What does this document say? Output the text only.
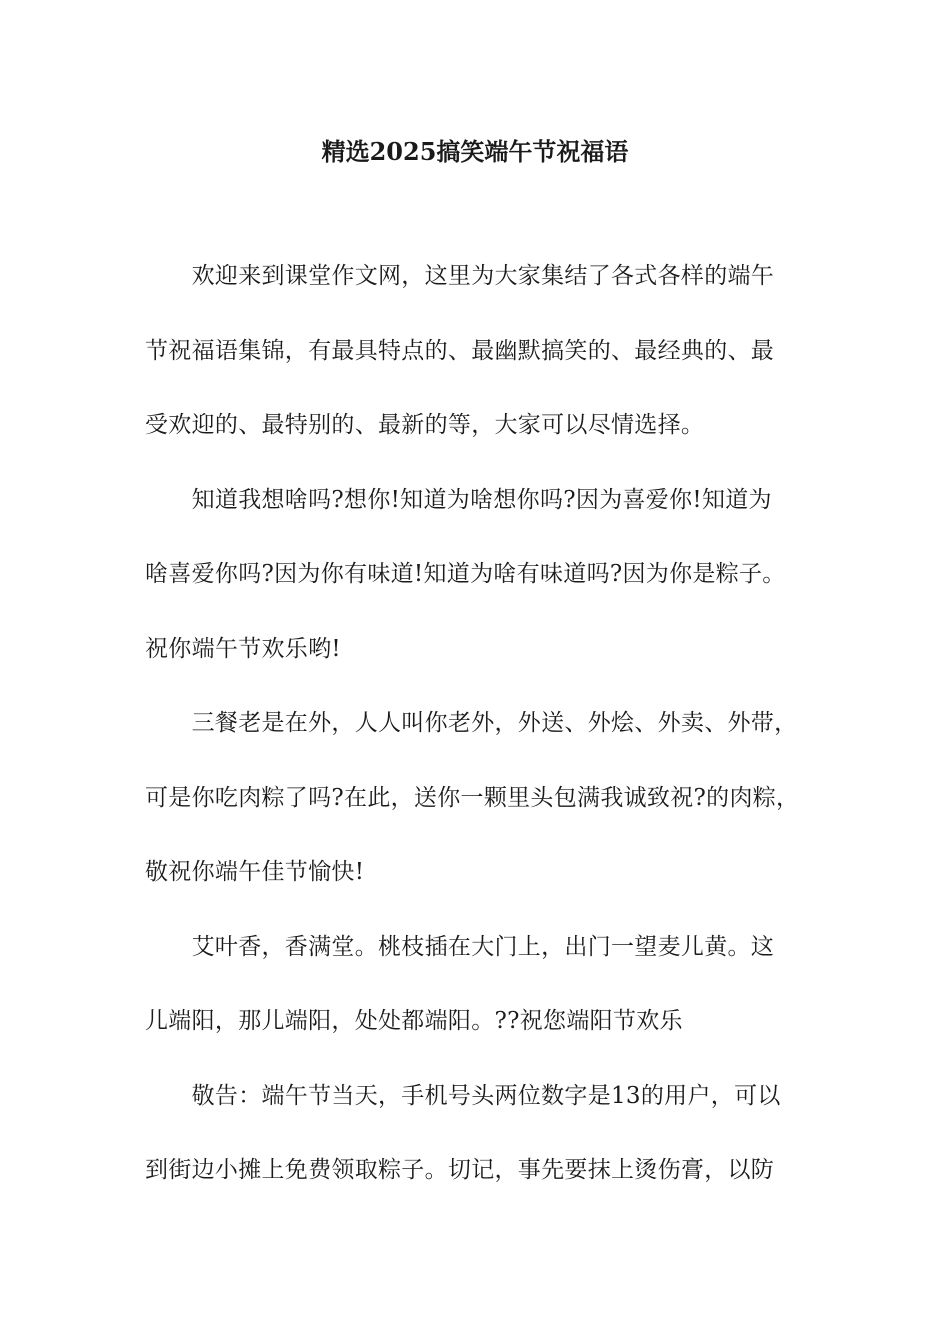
精选2025搞笑端午节祝福语
　　欢迎来到课堂作文网，这里为大家集结了各式各样的端午
节祝福语集锦，有最具特点的、最幽默搞笑的、最经典的、最
受欢迎的、最特别的、最新的等，大家可以尽情选择。
　　知道我想啥吗?想你!知道为啥想你吗?因为喜爱你!知道为
啥喜爱你吗?因为你有味道!知道为啥有味道吗?因为你是粽子。
祝你端午节欢乐哟!
　　三餐老是在外，人人叫你老外，外送、外烩、外卖、外带，
可是你吃肉粽了吗?在此，送你一颗里头包满我诚致祝?的肉粽，
敬祝你端午佳节愉快!
　　艾叶香，香满堂。桃枝插在大门上，出门一望麦儿黄。这
儿端阳，那儿端阳，处处都端阳。??祝您端阳节欢乐
　　敬告：端午节当天，手机号头两位数字是13的用户，可以
到街边小摊上免费领取粽子。切记，事先要抹上烫伤膏，以防
